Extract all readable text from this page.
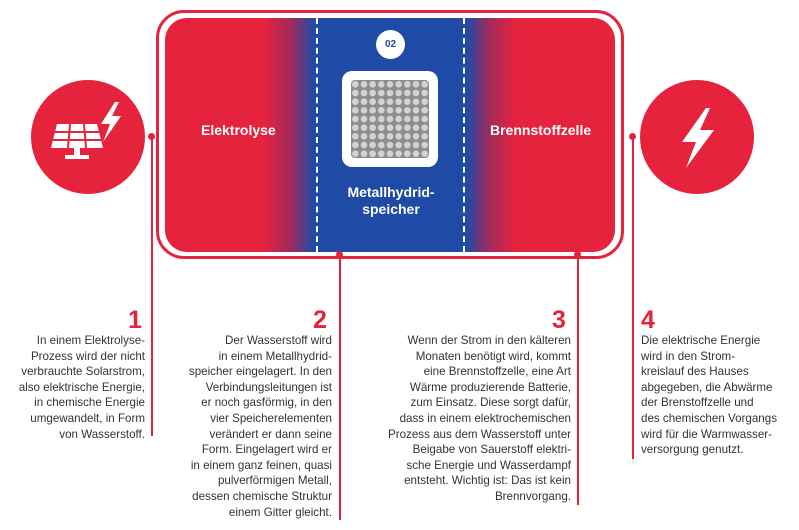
02
Elektrolyse	Brennstoffzelle
Metallhydrid-
speicher
1
In einem Elektrolyse-
Prozess wird der nicht
verbrauchte Solarstrom,
also elektrische Energie,
in chemische Energie
umgewandelt, in Form
von Wasserstoff.
2
Der Wasserstoff wird
in einem Metallhydrid-
speicher eingelagert. In den
Verbindungsleitungen ist
er noch gasförmig, in den
vier Speicherelementen
verändert er dann seine
Form. Eingelagert wird er
in einem ganz feinen, quasi
pulverförmigen Metall,
dessen chemische Struktur
einem Gitter gleicht.
3
Wenn der Strom in den kälteren
Monaten benötigt wird, kommt
eine Brennstoffzelle, eine Art
Wärme produzierende Batterie,
zum Einsatz. Diese sorgt dafür,
dass in einem elektrochemischen
Prozess aus dem Wasserstoff unter
Beigabe von Sauerstoff elektri-
sche Energie und Wasserdampf
entsteht. Wichtig ist: Das ist kein
Brennvorgang.
4
Die elektrische Energie
wird in den Strom-
kreislauf des Hauses
abgegeben, die Abwärme
der Brenstoffzelle und
des chemischen Vorgangs
wird für die Warmwasser-
versorgung genutzt.
